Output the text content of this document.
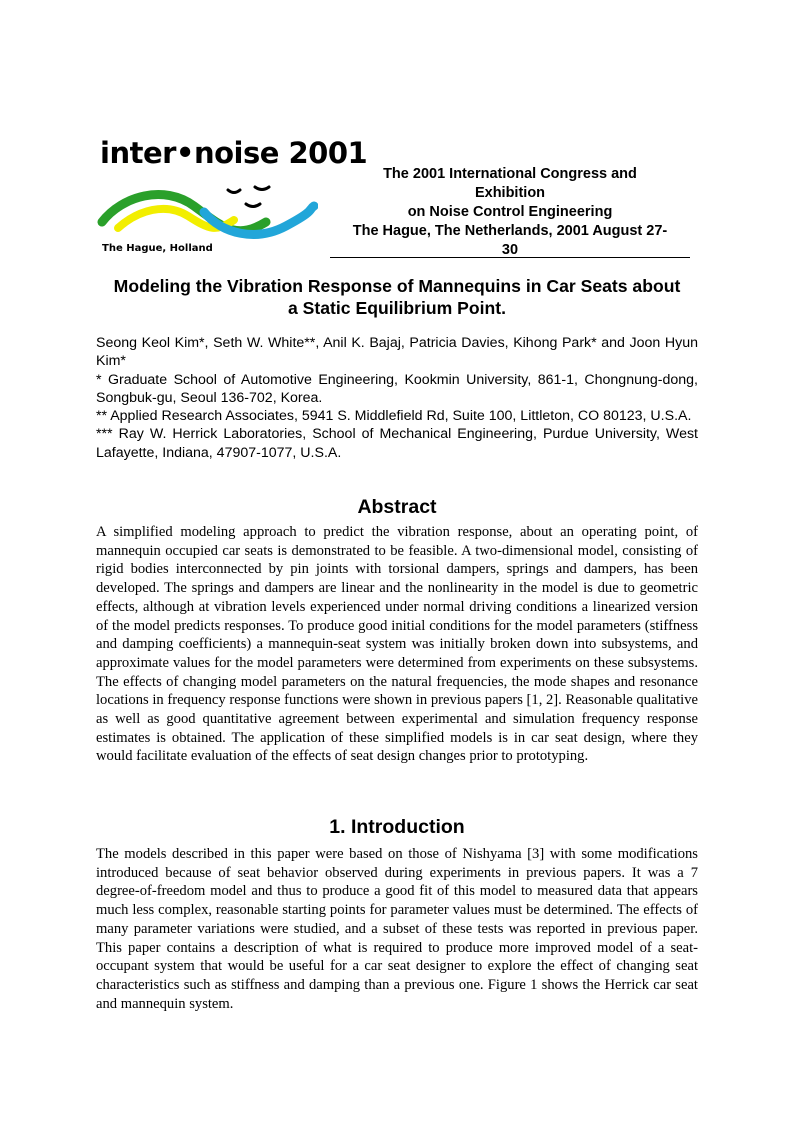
inter•noise 2001
The Hague, Holland
The 2001 International Congress and
Exhibition
on Noise Control Engineering
The Hague, The Netherlands, 2001 August 27-
30
Modeling the Vibration Response of Mannequins in Car Seats about
a Static Equilibrium Point.

Seong Keol Kim*, Seth W. White**, Anil K. Bajaj, Patricia Davies, Kihong Park* and Joon Hyun Kim*

* Graduate School of Automotive Engineering, Kookmin University, 861-1, Chongnung-dong, Songbuk-gu, Seoul 136-702, Korea.

** Applied Research Associates, 5941 S. Middlefield Rd, Suite 100, Littleton, CO 80123, U.S.A.

*** Ray W. Herrick Laboratories, School of Mechanical Engineering, Purdue University, West Lafayette, Indiana, 47907-1077, U.S.A.

Abstract

A simplified modeling approach to predict the vibration response, about an operating point, of mannequin occupied car seats is demonstrated to be feasible. A two-dimensional model, consisting of rigid bodies interconnected by pin joints with torsional dampers, springs and dampers, has been developed. The springs and dampers are linear and the nonlinearity in the model is due to geometric effects, although at vibration levels experienced under normal driving conditions a linearized version of the model predicts responses. To produce good initial conditions for the model parameters (stiffness and damping coefficients) a mannequin-seat system was initially broken down into subsystems, and approximate values for the model parameters were determined from experiments on these subsystems. The effects of changing model parameters on the natural frequencies, the mode shapes and resonance locations in frequency response functions were shown in previous papers [1, 2]. Reasonable qualitative as well as good quantitative agreement between experimental and simulation frequency response estimates is obtained. The application of these simplified models is in car seat design, where they would facilitate evaluation of the effects of seat design changes prior to prototyping.

1. Introduction

The models described in this paper were based on those of Nishyama [3] with some modifications introduced because of seat behavior observed during experiments in previous papers. It was a 7 degree-of-freedom model and thus to produce a good fit of this model to measured data that appears much less complex, reasonable starting points for parameter values must be determined. The effects of many parameter variations were studied, and a subset of these tests was reported in previous paper. This paper contains a description of what is required to produce more improved model of a seat-occupant system that would be useful for a car seat designer to explore the effect of changing seat characteristics such as stiffness and damping than a previous one. Figure 1 shows the Herrick car seat and mannequin system.
